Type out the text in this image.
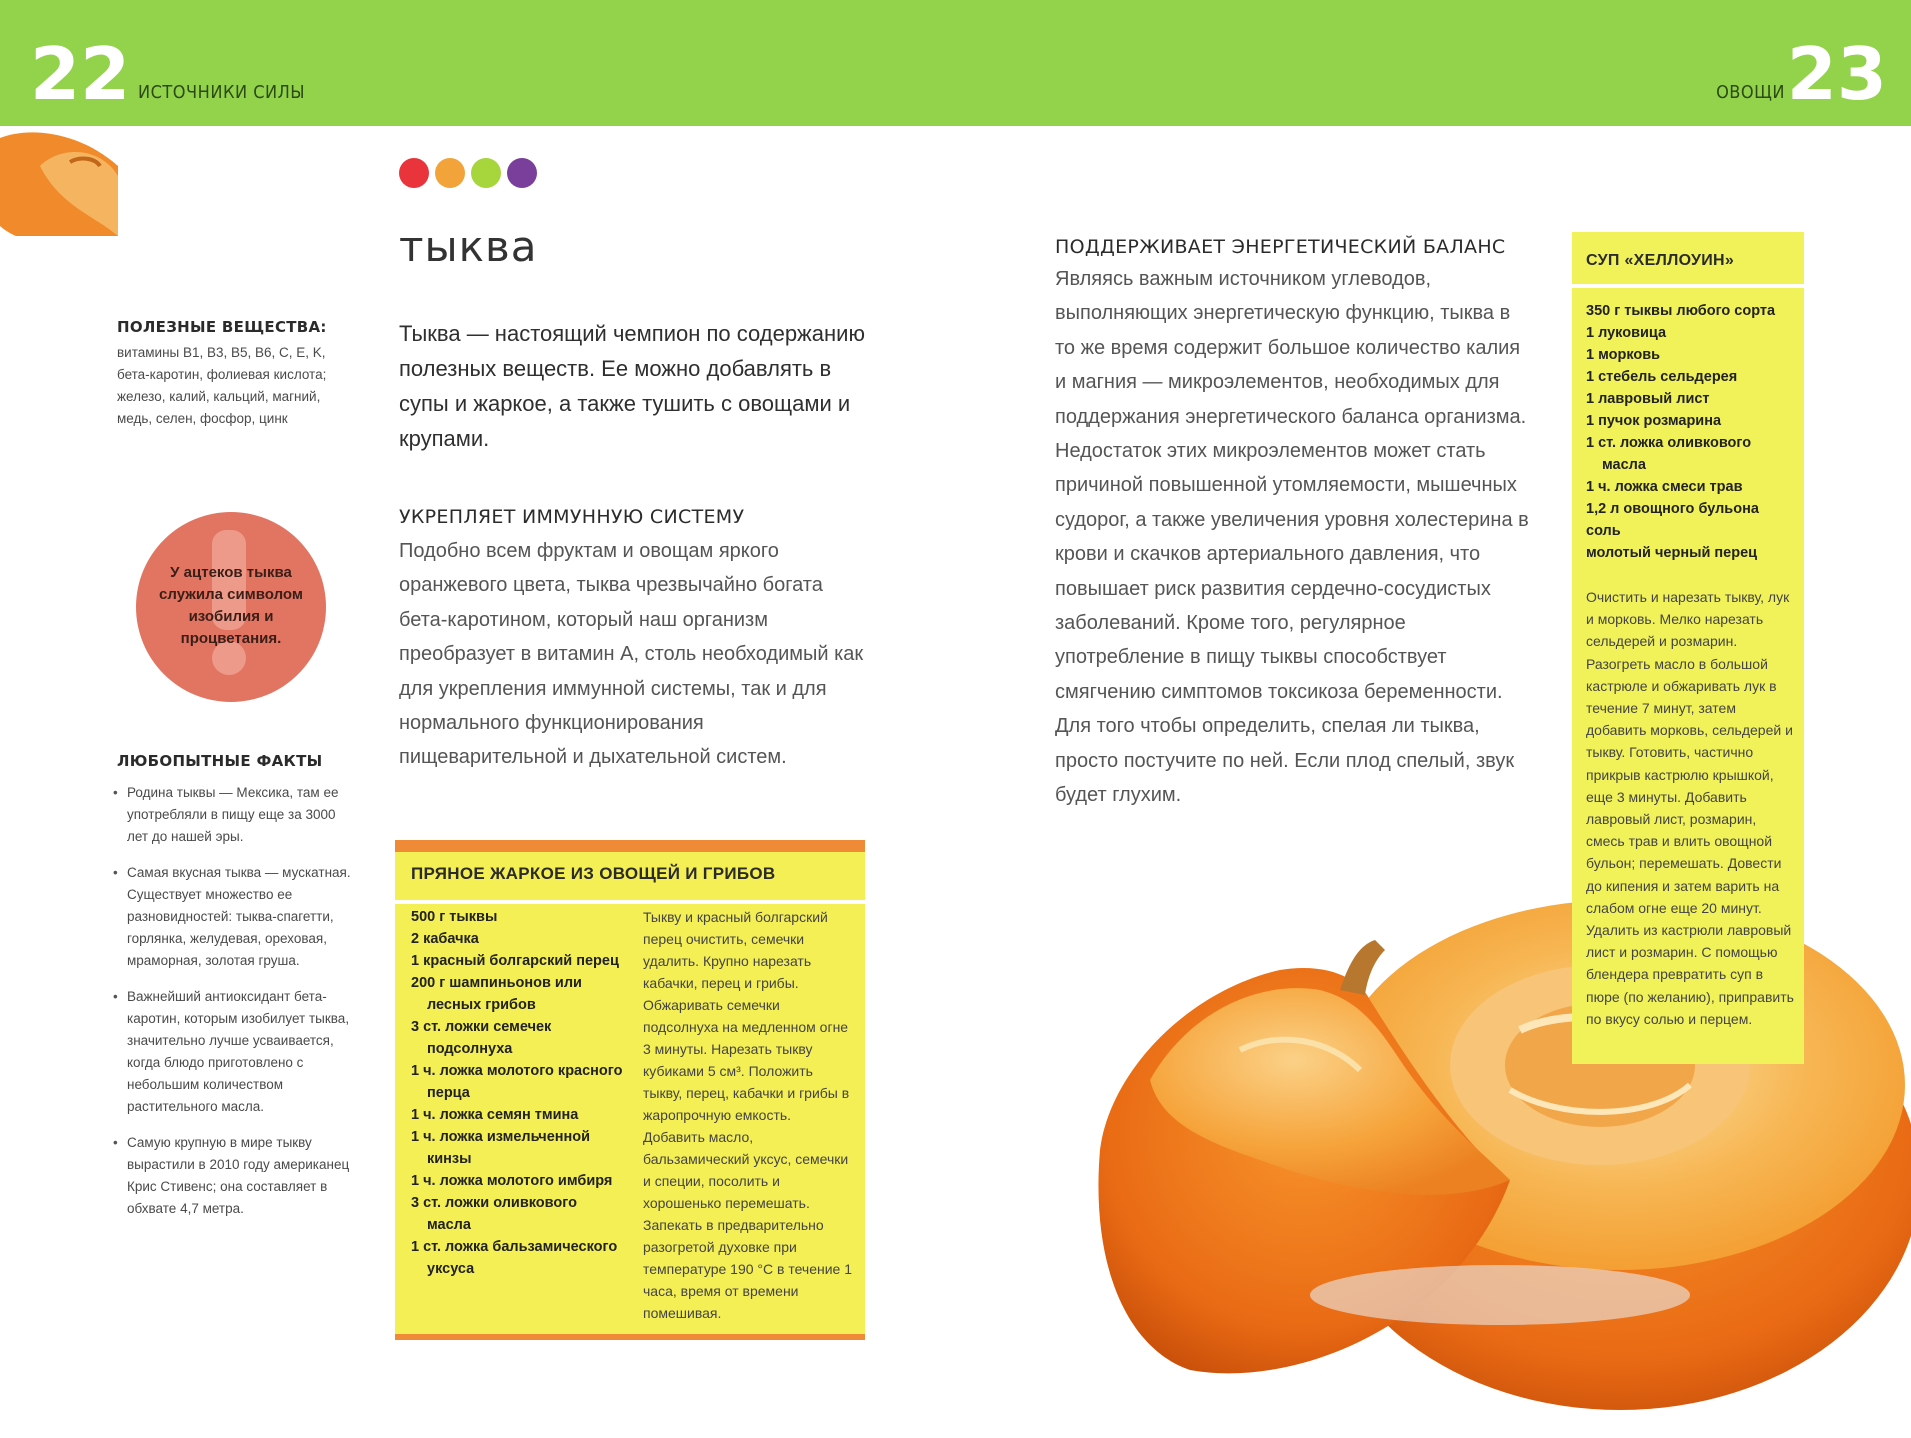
22 ИСТОЧНИКИ СИЛЫ	ОВОЩИ 23
ПОЛЕЗНЫЕ ВЕЩЕСТВА:
витамины B1, B3, B5, B6, C, E, K, бета-каротин, фолиевая кислота; железо, калий, кальций, магний, медь, селен, фосфор, цинк
У ацтеков тыква служила символом изобилия и процветания.
ЛЮБОПЫТНЫЕ ФАКТЫ
• Родина тыквы — Мексика, там ее употребляли в пищу еще за 3000 лет до нашей эры.
• Самая вкусная тыква — мускатная. Существует множество ее разновидностей: тыква-спагетти, горлянка, желудевая, ореховая, мраморная, золотая груша.
• Важнейший антиоксидант бета-каротин, которым изобилует тыква, значительно лучше усваивается, когда блюдо приготовлено с небольшим количеством растительного масла.
• Самую крупную в мире тыкву вырастили в 2010 году американец Крис Стивенс; она составляет в обхвате 4,7 метра.
тыква
Тыква — настоящий чемпион по содержанию полезных веществ. Ее можно добавлять в супы и жаркое, а также тушить с овощами и крупами.
УКРЕПЛЯЕТ ИММУННУЮ СИСТЕМУ
Подобно всем фруктам и овощам яркого оранжевого цвета, тыква чрезвычайно богата бета-каротином, который наш организм преобразует в витамин А, столь необходимый как для укрепления иммунной системы, так и для нормального функционирования пищеварительной и дыхательной систем.
ПРЯНОЕ ЖАРКОЕ ИЗ ОВОЩЕЙ И ГРИБОВ
500 г тыквы
2 кабачка
1 красный болгарский перец
200 г шампиньонов или лесных грибов
3 ст. ложки семечек подсолнуха
1 ч. ложка молотого красного перца
1 ч. ложка семян тмина
1 ч. ложка измельченной кинзы
1 ч. ложка молотого имбиря
3 ст. ложки оливкового масла
1 ст. ложка бальзамического уксуса
Тыкву и красный болгарский перец очистить, семечки удалить. Крупно нарезать кабачки, перец и грибы. Обжаривать семечки подсолнуха на медленном огне 3 минуты. Нарезать тыкву кубиками 5 см³. Положить тыкву, перец, кабачки и грибы в жаропрочную емкость. Добавить масло, бальзамический уксус, семечки и специи, посолить и хорошенько перемешать. Запекать в предварительно разогретой духовке при температуре 190 °С в течение 1 часа, время от времени помешивая.
ПОДДЕРЖИВАЕТ ЭНЕРГЕТИЧЕСКИЙ БАЛАНС
Являясь важным источником углеводов, выполняющих энергетическую функцию, тыква в то же время содержит большое количество калия и магния — микроэлементов, необходимых для поддержания энергетического баланса организма. Недостаток этих микроэлементов может стать причиной повышенной утомляемости, мышечных судорог, а также увеличения уровня холестерина в крови и скачков артериального давления, что повышает риск развития сердечно-сосудистых заболеваний. Кроме того, регулярное употребление в пищу тыквы способствует смягчению симптомов токсикоза беременности.
Для того чтобы определить, спелая ли тыква, просто постучите по ней. Если плод спелый, звук будет глухим.
СУП «ХЕЛЛОУИН»
350 г тыквы любого сорта
1 луковица
1 морковь
1 стебель сельдерея
1 лавровый лист
1 пучок розмарина
1 ст. ложка оливкового масла
1 ч. ложка смеси трав
1,2 л овощного бульона
соль
молотый черный перец
Очистить и нарезать тыкву, лук и морковь. Мелко нарезать сельдерей и розмарин. Разогреть масло в большой кастрюле и обжаривать лук в течение 7 минут, затем добавить морковь, сельдерей и тыкву. Готовить, частично прикрыв кастрюлю крышкой, еще 3 минуты. Добавить лавровый лист, розмарин, смесь трав и влить овощной бульон; перемешать. Довести до кипения и затем варить на слабом огне еще 20 минут. Удалить из кастрюли лавровый лист и розмарин. С помощью блендера превратить суп в пюре (по желанию), приправить по вкусу солью и перцем.
